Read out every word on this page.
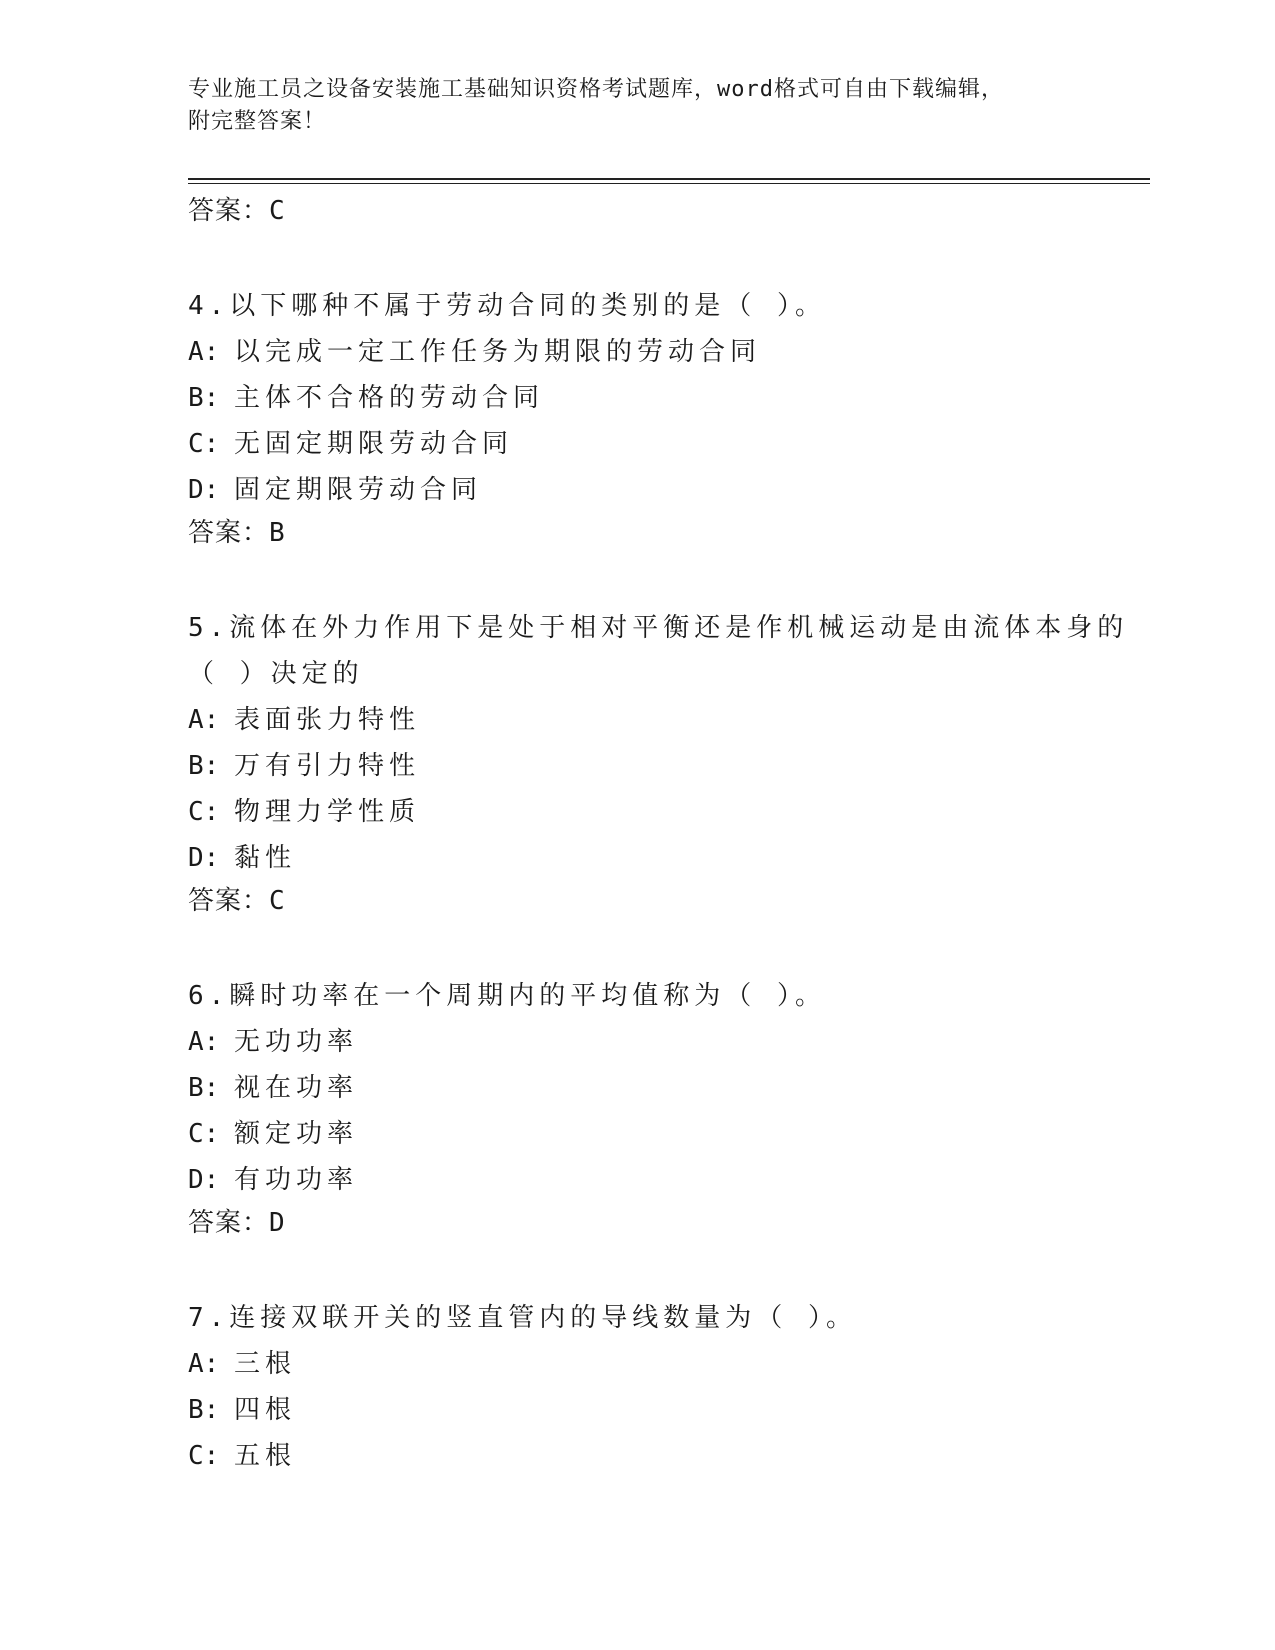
专业施工员之设备安装施工基础知识资格考试题库，word格式可自由下载编辑，
附完整答案！
答案：C
4.以下哪种不属于劳动合同的类别的是（ ）。
A: 以完成一定工作任务为期限的劳动合同
B: 主体不合格的劳动合同
C: 无固定期限劳动合同
D: 固定期限劳动合同
答案：B
5.流体在外力作用下是处于相对平衡还是作机械运动是由流体本身的（ ）决定的
A: 表面张力特性
B: 万有引力特性
C: 物理力学性质
D: 黏性
答案：C
6.瞬时功率在一个周期内的平均值称为（ ）。
A: 无功功率
B: 视在功率
C: 额定功率
D: 有功功率
答案：D
7.连接双联开关的竖直管内的导线数量为（ ）。
A: 三根
B: 四根
C: 五根
